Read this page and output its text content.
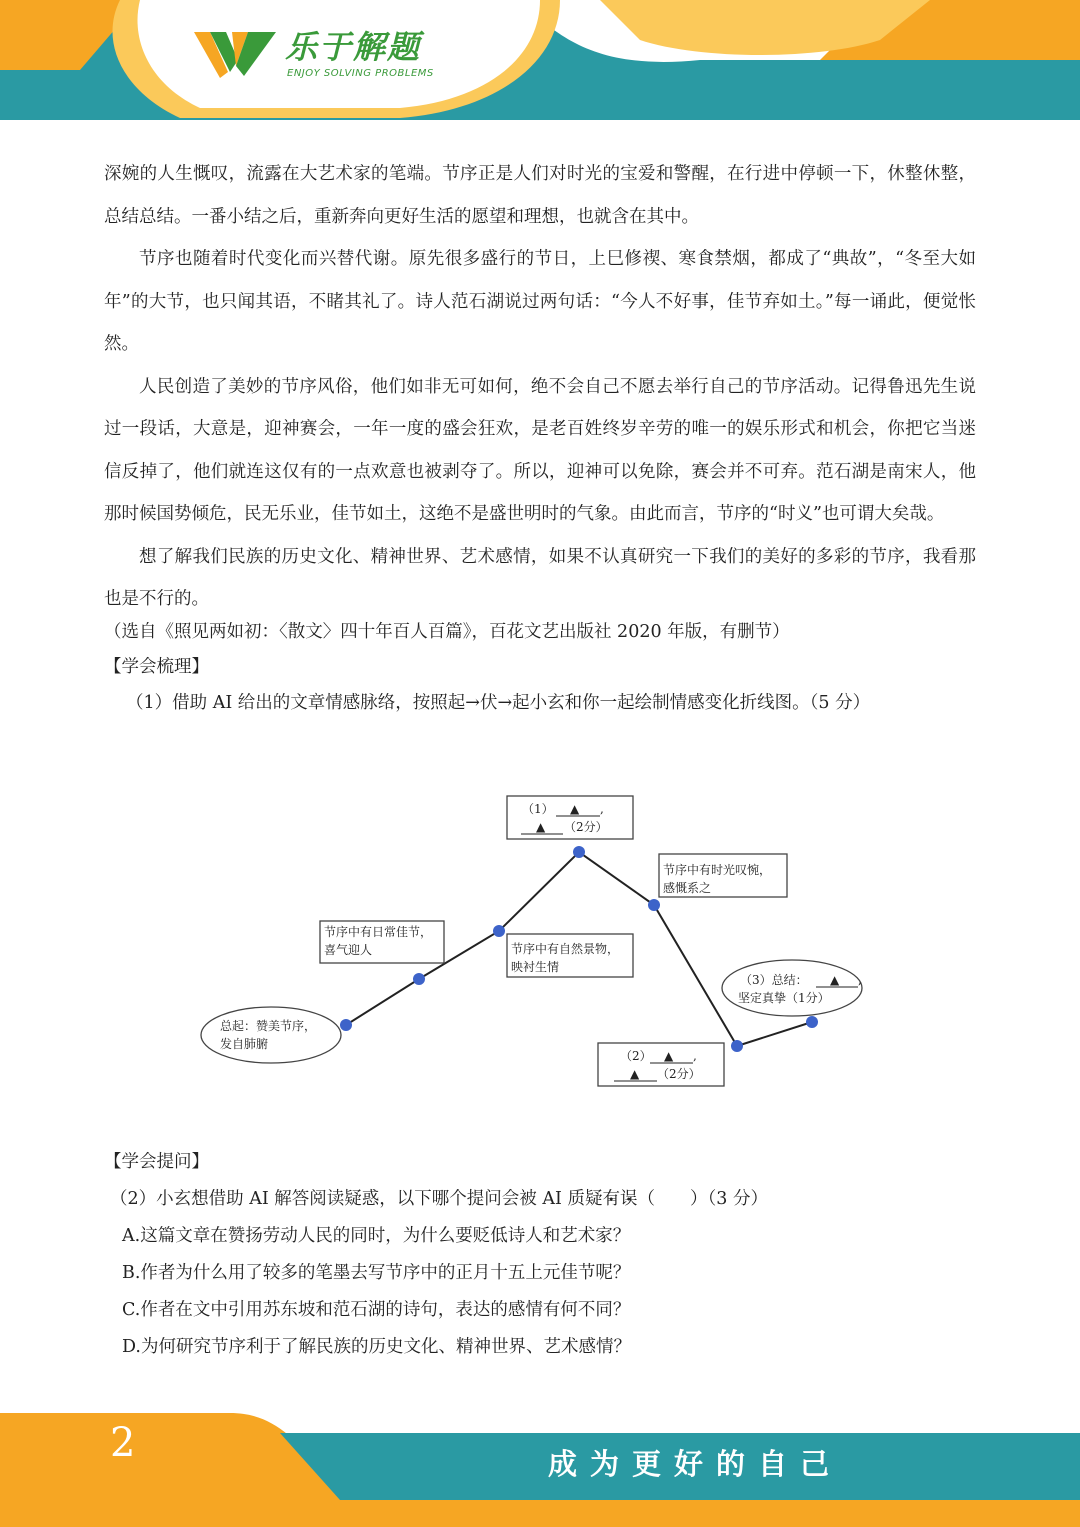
乐于解题
ENJOY SOLVING PROBLEMS

深婉的人生慨叹，流露在大艺术家的笔端。节序正是人们对时光的宝爱和警醒，在行进中停顿一下，休整休整，总结总结。一番小结之后，重新奔向更好生活的愿望和理想，也就含在其中。

节序也随着时代变化而兴替代谢。原先很多盛行的节日，上巳修禊、寒食禁烟，都成了“典故”，“冬至大如年”的大节，也只闻其语，不睹其礼了。诗人范石湖说过两句话：“今人不好事，佳节弃如土。”每一诵此，便觉怅然。

人民创造了美妙的节序风俗，他们如非无可如何，绝不会自己不愿去举行自己的节序活动。记得鲁迅先生说过一段话，大意是，迎神赛会，一年一度的盛会狂欢，是老百姓终岁辛劳的唯一的娱乐形式和机会，你把它当迷信反掉了，他们就连这仅有的一点欢意也被剥夺了。所以，迎神可以免除，赛会并不可弃。范石湖是南宋人，他那时候国势倾危，民无乐业，佳节如土，这绝不是盛世明时的气象。由此而言，节序的“时义”也可谓大矣哉。

想了解我们民族的历史文化、精神世界、艺术感情，如果不认真研究一下我们的美好的多彩的节序，我看那也是不行的。

（选自《照见两如初：〈散文〉四十年百人百篇》，百花文艺出版社 2020 年版，有删节）

【学会梳理】

（1）借助 AI 给出的文章情感脉络，按照起→伏→起小玄和你一起绘制情感变化折线图。（5 分）

总起：赞美节序，
发自肺腑
节序中有日常佳节，
喜气迎人	节序中有自然景物，
映衬生情
（1） ▲ ,
▲ （2分）
节序中有时光叹惋，
感慨系之
（2） ▲ ,
▲ （2分）
（3）总结： ▲ ,
坚定真挚（1分）

【学会提问】

（2）小玄想借助 AI 解答阅读疑惑，以下哪个提问会被 AI 质疑有 •误 •（　　）（3 分）

A.这篇文章在赞扬劳动人民的同时，为什么要贬低诗人和艺术家？

B.作者为什么用了较多的笔墨去写节序中的正月十五上元佳节呢？

C.作者在文中引用苏东坡和范石湖的诗句，表达的感情有何不同？

D.为何研究节序利于了解民族的历史文化、精神世界、艺术感情？

2	成为更好的自己
